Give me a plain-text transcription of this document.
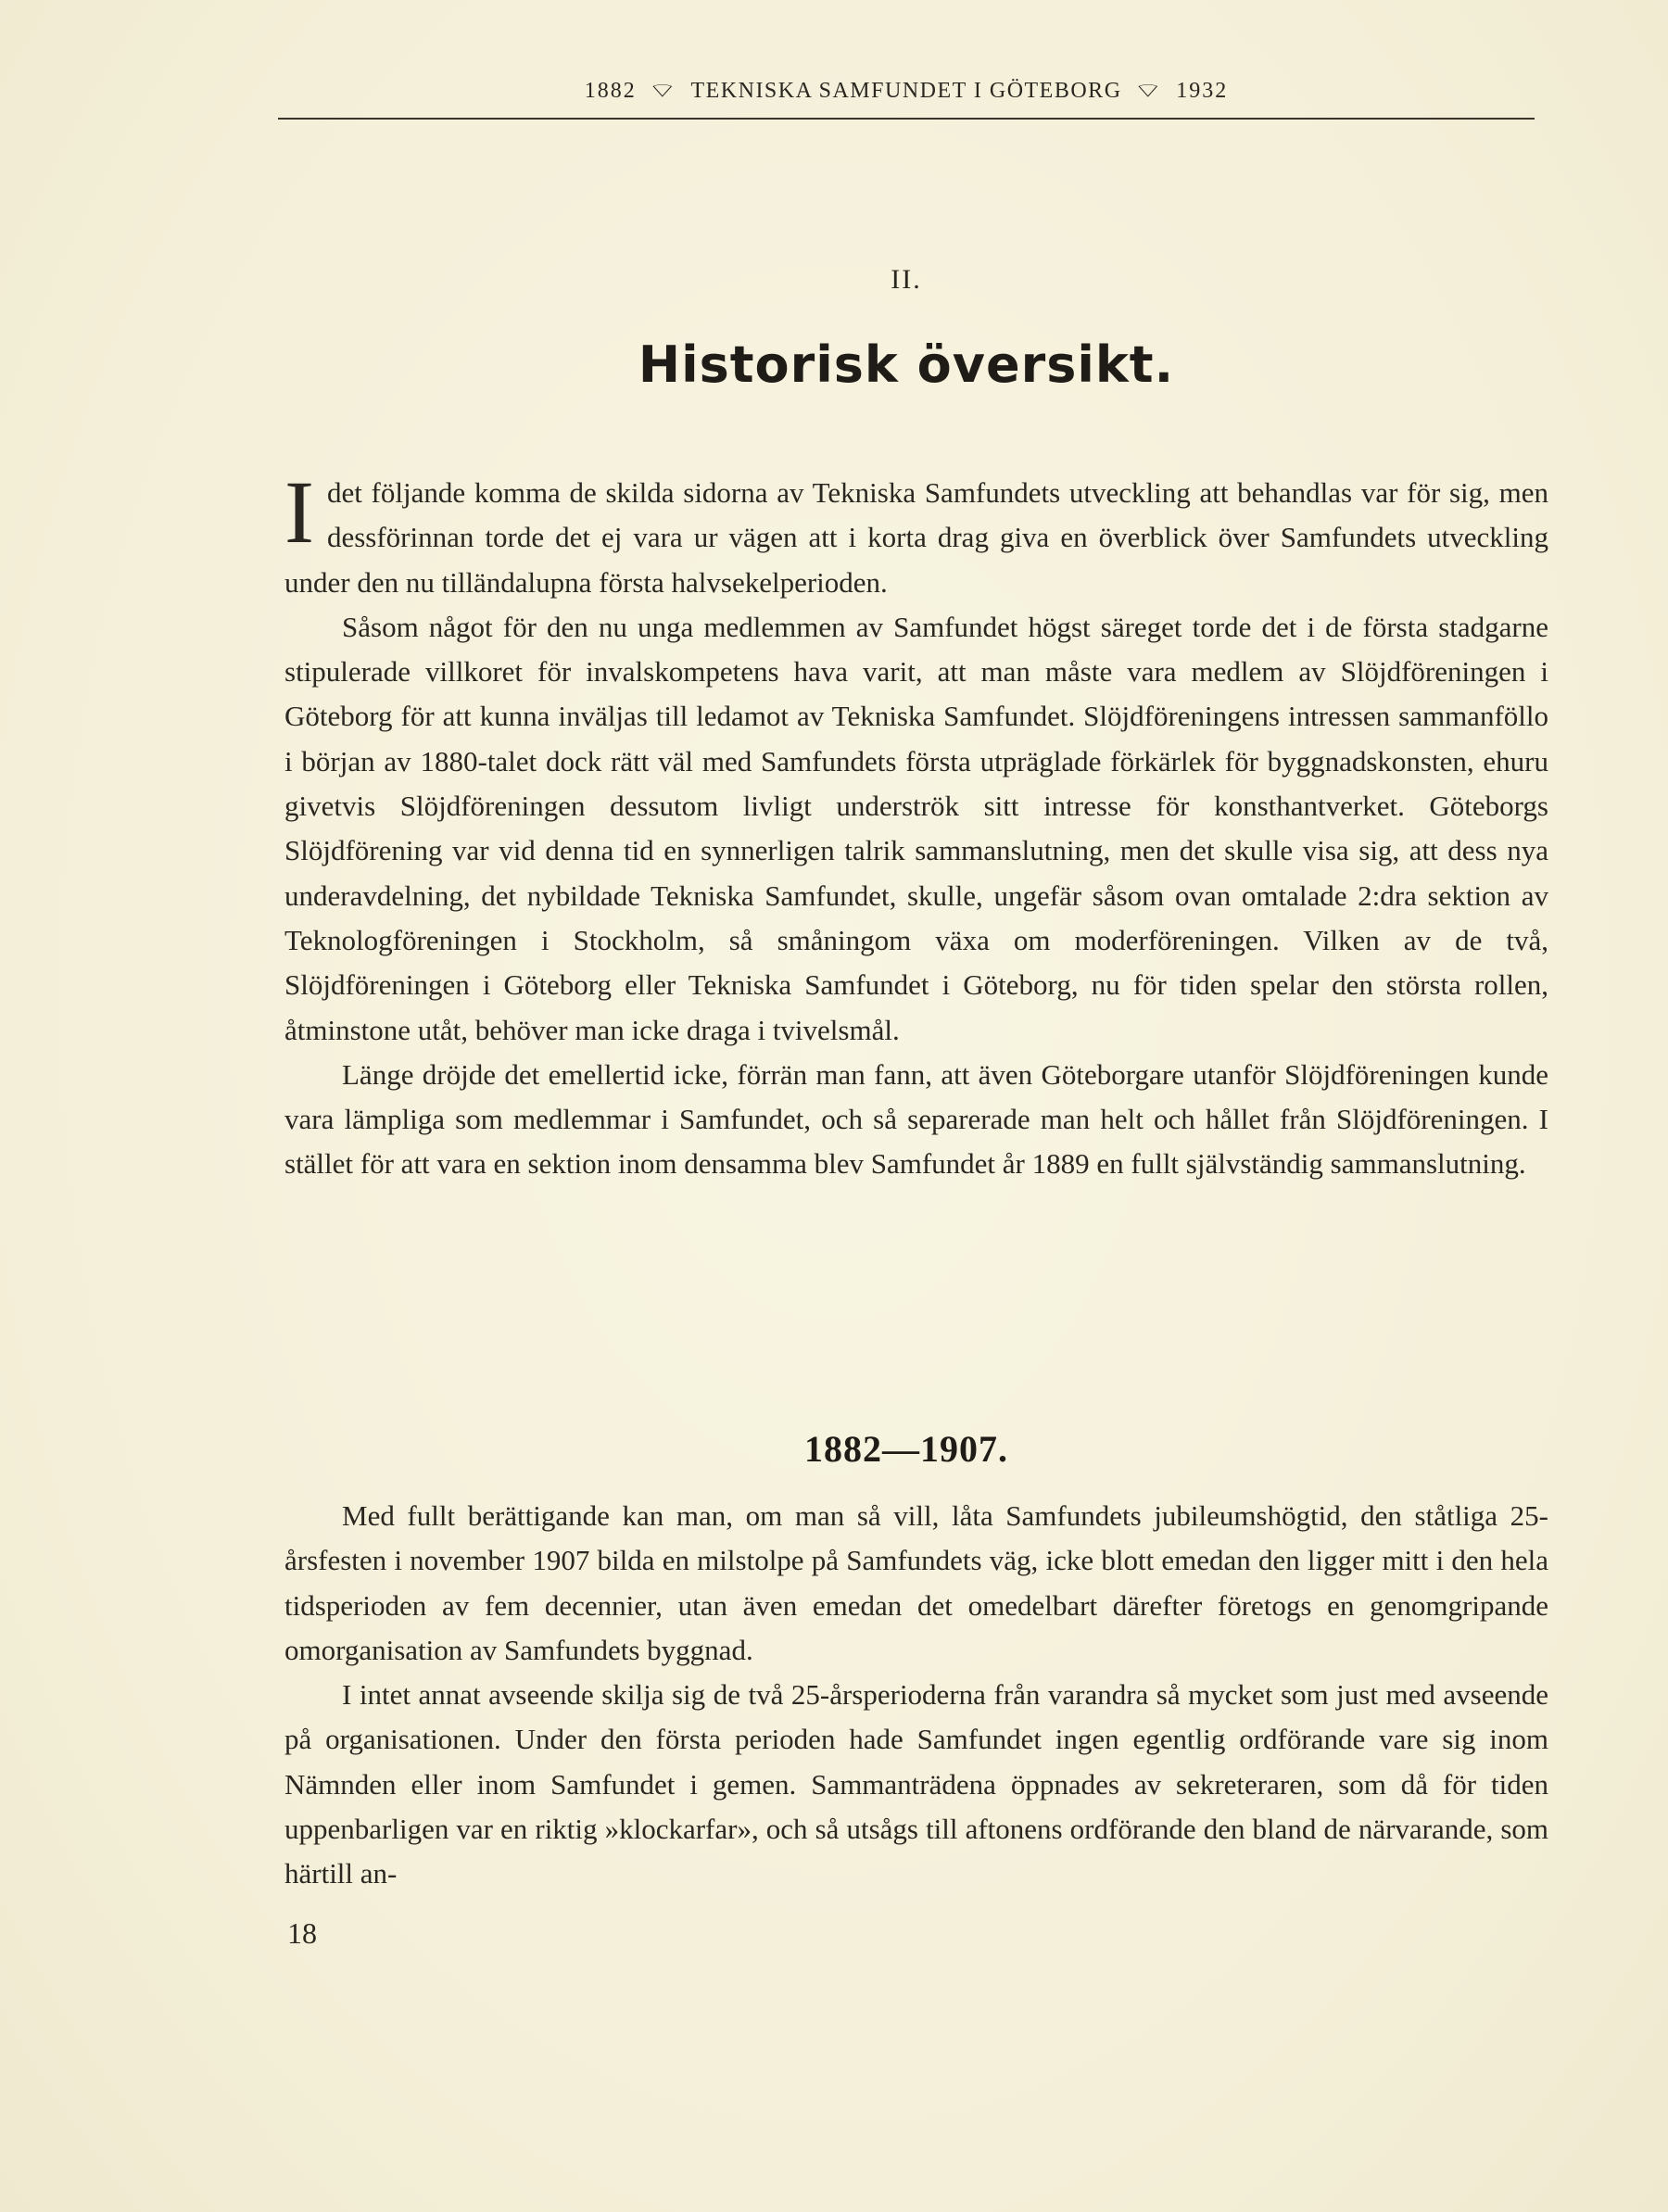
1882 ⌔ TEKNISKA SAMFUNDET I GÖTEBORG ⌔ 1932
II.
Historisk översikt.

I det följande komma de skilda sidorna av Tekniska Samfundets utveckling att behandlas var för sig, men dessförinnan torde det ej vara ur vägen att i korta drag giva en överblick över Samfundets utveckling under den nu tilländalupna första halvsekelperioden.

Såsom något för den nu unga medlemmen av Samfundet högst säreget torde det i de första stadgarne stipulerade villkoret för invalskompetens hava varit, att man måste vara medlem av Slöjdföreningen i Göteborg för att kunna inväljas till ledamot av Tekniska Samfundet. Slöjdföreningens intressen sammanföllo i början av 1880-talet dock rätt väl med Samfundets första utpräglade förkärlek för byggnadskonsten, ehuru givetvis Slöjdföreningen dessutom livligt underströk sitt intresse för konsthantverket. Göteborgs Slöjdförening var vid denna tid en synnerligen talrik sammanslutning, men det skulle visa sig, att dess nya underavdelning, det nybildade Tekniska Samfundet, skulle, ungefär såsom ovan omtalade 2:dra sektion av Teknologföreningen i Stockholm, så småningom växa om moderföreningen. Vilken av de två, Slöjdföreningen i Göteborg eller Tekniska Samfundet i Göteborg, nu för tiden spelar den största rollen, åtminstone utåt, behöver man icke draga i tvivelsmål.

Länge dröjde det emellertid icke, förrän man fann, att även Göteborgare utanför Slöjdföreningen kunde vara lämpliga som medlemmar i Samfundet, och så separerade man helt och hållet från Slöjdföreningen. I stället för att vara en sektion inom densamma blev Samfundet år 1889 en fullt självständig sammanslutning.

1882—1907.

Med fullt berättigande kan man, om man så vill, låta Samfundets jubileumshögtid, den ståtliga 25-årsfesten i november 1907 bilda en milstolpe på Samfundets väg, icke blott emedan den ligger mitt i den hela tidsperioden av fem decennier, utan även emedan det omedelbart därefter företogs en genomgripande omorganisation av Samfundets byggnad.

I intet annat avseende skilja sig de två 25-årsperioderna från varandra så mycket som just med avseende på organisationen. Under den första perioden hade Samfundet ingen egentlig ordförande vare sig inom Nämnden eller inom Samfundet i gemen. Sammanträdena öppnades av sekreteraren, som då för tiden uppenbarligen var en riktig »klockarfar», och så utsågs till aftonens ordförande den bland de närvarande, som härtill an-

18
